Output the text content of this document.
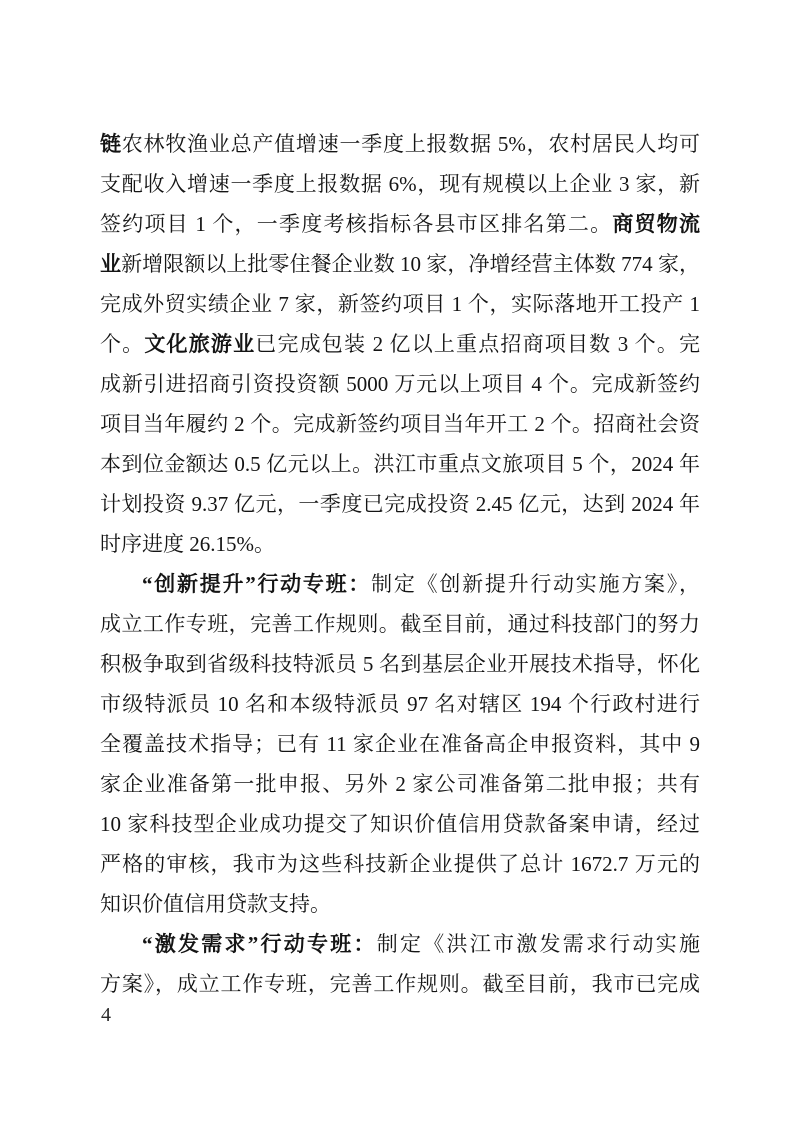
链农林牧渔业总产值增速一季度上报数据 5%，农村居民人均可
支配收入增速一季度上报数据 6%，现有规模以上企业 3 家，新
签约项目 1 个，一季度考核指标各县市区排名第二。商贸物流
业新增限额以上批零住餐企业数 10 家，净增经营主体数 774 家，
完成外贸实绩企业 7 家，新签约项目 1 个，实际落地开工投产 1
个。文化旅游业已完成包装 2 亿以上重点招商项目数 3 个。完
成新引进招商引资投资额 5000 万元以上项目 4 个。完成新签约
项目当年履约 2 个。完成新签约项目当年开工 2 个。招商社会资
本到位金额达 0.5 亿元以上。洪江市重点文旅项目 5 个，2024 年
计划投资 9.37 亿元，一季度已完成投资 2.45 亿元，达到 2024 年
时序进度 26.15%。
“创新提升”行动专班：制定《创新提升行动实施方案》，
成立工作专班，完善工作规则。截至目前，通过科技部门的努力
积极争取到省级科技特派员 5 名到基层企业开展技术指导，怀化
市级特派员 10 名和本级特派员 97 名对辖区 194 个行政村进行
全覆盖技术指导；已有 11 家企业在准备高企申报资料，其中 9
家企业准备第一批申报、另外 2 家公司准备第二批申报；共有
10 家科技型企业成功提交了知识价值信用贷款备案申请，经过
严格的审核，我市为这些科技新企业提供了总计 1672.7 万元的
知识价值信用贷款支持。
“激发需求”行动专班：制定《洪江市激发需求行动实施
方案》，成立工作专班，完善工作规则。截至目前，我市已完成
4
